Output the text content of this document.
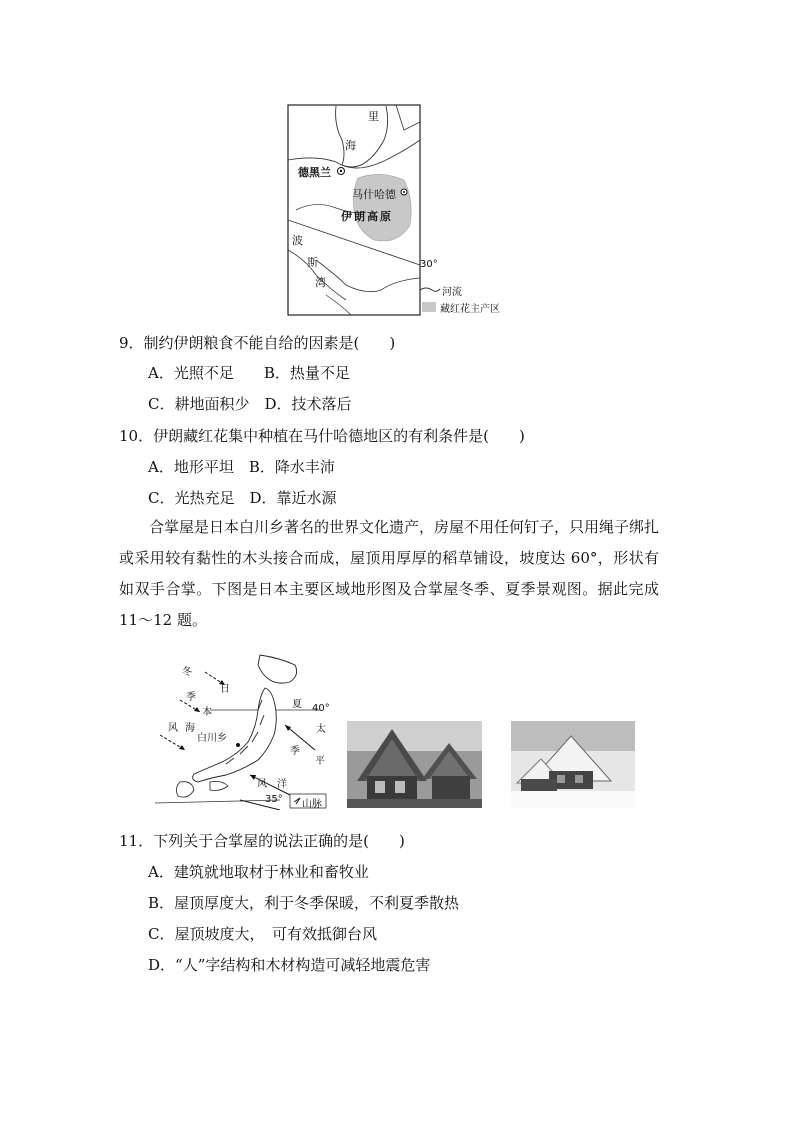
里
海
德黑兰
马什哈德
伊朗高原
波
斯
湾
30°
河流
藏红花主产区
9．制约伊朗粮食不能自给的因素是(　　)
A．光照不足　　B．热量不足
C．耕地面积少　D．技术落后
10．伊朗藏红花集中种植在马什哈德地区的有利条件是(　　)
A．地形平坦　B．降水丰沛
C．光热充足　D．靠近水源
合掌屋是日本白川乡著名的世界文化遗产，房屋不用任何钉子，只用绳子绑扎或采用较有黏性的木头接合而成，屋顶用厚厚的稻草铺设，坡度达 60°，形状有如双手合掌。下图是日本主要区域地形图及合掌屋冬季、夏季景观图。据此完成 11～12 题。
冬
日
季
本
风 海
白川乡
夏
太
季
平
风 洋
40°
35° 山脉
11．下列关于合掌屋的说法正确的是(　　)
A．建筑就地取材于林业和畜牧业
B．屋顶厚度大，利于冬季保暖，不利夏季散热
C．屋顶坡度大，　可有效抵御台风
D．“人”字结构和木材构造可减轻地震危害
